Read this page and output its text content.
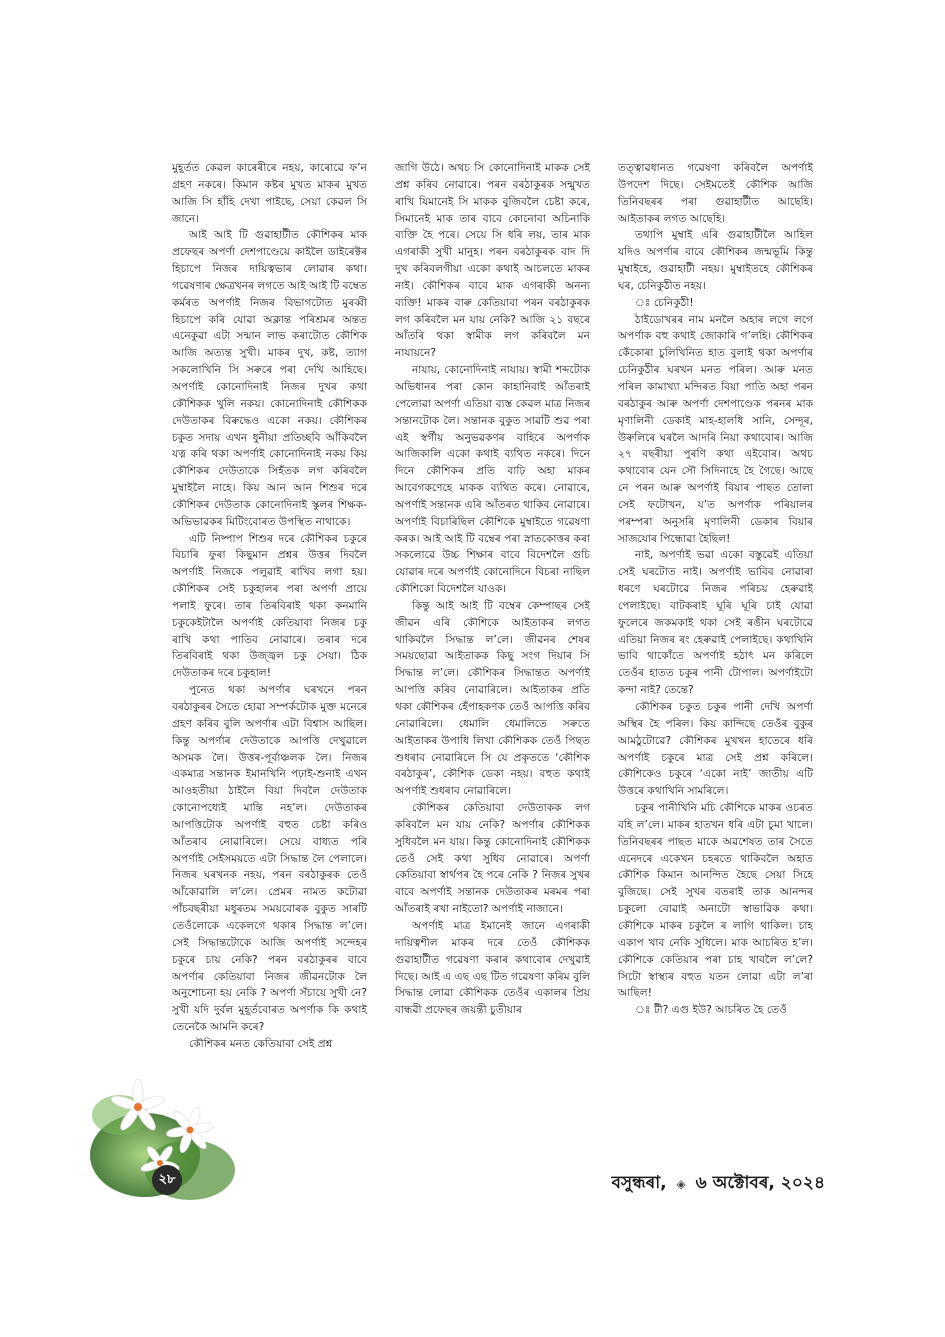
মুহূৰ্তত কেৱল কাৰেৰীৰে নহয়, কাৰোৱে ফ’ন গ্ৰহণ নকৰে। কিমান কষ্টৰ মুখত মাকৰ মুখত আজি সি হাঁহি দেখা পাইছে, সেয়া কেৱল সি জানে।

আই আই টি গুৱাহাটীত কৌশিকৰ মাক প্ৰফেছৰ অপৰ্ণা দেশপাণ্ডেয়ে কাইলৈ ডাইৰেক্টৰ হিচাপে নিজৰ দায়িত্বভাৰ লোৱাৰ কথা। গৱেষণাৰ ক্ষেত্ৰখনৰ লগতে আই আই টি বম্বেত কৰ্মৰত অপৰ্ণাই নিজৰ বিভাগটোত মুৰব্বী হিচাপে কৰি যোৱা অক্লান্ত পৰিশ্ৰমৰ অন্তত এনেকুৱা এটা সন্মান লাভ কৰাটোত কৌশিক আজি অত্যন্ত সুখী। মাকৰ দুখ, কষ্ট, ত্যাগ সকলোখিনি সি সৰুৰে পৰা দেখি আহিছে। অপৰ্ণাই কোনোদিনাই নিজৰ দুখৰ কথা কৌশিকক খুলি নকয়। কোনোদিনাই কৌশিকক দেউতাকৰ বিৰুদ্ধেও একো নকয়। কৌশিকৰ চকুত সদায় এখন ধুনীয়া প্ৰতিচ্ছবি আঁকিবলৈ যত্ন কৰি থকা অপৰ্ণাই কোনোদিনাই নকয় কিয় কৌশিকৰ দেউতাকে সিহঁতক লগ কৰিবলৈ মুম্বাইলৈ নাহে। কিয় আন আন শিশুৰ দৰে কৌশিকৰ দেউতাক কোনোদিনাই স্কুলৰ শিক্ষক-অভিভাৱকৰ মিটিংবোৰত উপস্থিত নাথাকে।

এটি নিষ্পাপ শিশুৰ দৰে কৌশিকৰ চকুৰে বিচাৰি ফুৰা কিছুমান প্ৰশ্নৰ উত্তৰ দিবলৈ অপৰ্ণাই নিজকে পলুৱাই ৰাখিব লগা হয়। কৌশিকৰ সেই চকুহালৰ পৰা অপৰ্ণা প্ৰায়ে পলাই ফুৰে। তাৰ তিৰবিৰাই থকা কনমানি চকুকেইটালৈ অপৰ্ণাই কেতিয়াবা নিজৰ চকু ৰাখি কথা পাতিব নোৱাৰে। তৰাৰ দৰে তিৰবিৰাই থকা উজ্জ্বল চকু সেয়া। ঠিক দেউতাকৰ দৰে চকুহাল!

পুনেত থকা অপৰ্ণাৰ ঘৰখনে পৰন বৰঠাকুৰৰ সৈতে হোৱা সম্পৰ্কটোক মুক্ত মনেৰে গ্ৰহণ কৰিব বুলি অপৰ্ণাৰ এটা বিশ্বাস আছিল। কিন্তু অপৰ্ণাৰ দেউতাকে আপত্তি দেখুৱালে অসমক লৈ। উত্তৰ-পূৰ্বাঞ্চলক লৈ। নিজৰ একমাত্ৰ সন্তানক ইমানখিনি পঢ়াই-শুনাই এখন আওহতীয়া ঠাইলৈ বিয়া দিবলৈ দেউতাক কোনোপধ্যেই মান্তি নহ’ল। দেউতাকৰ আপত্তিটোক অপৰ্ণাই বহুত চেষ্টা কৰিও আঁতৰাব নোৱাৰিলে। সেয়ে বাধ্যত পৰি অপৰ্ণাই সেইসময়তে এটা সিদ্ধান্ত লৈ পেলালে। নিজৰ ঘৰখনক নহয়, পৰন বৰঠাকুৰক তেওঁ আঁকোৱালি ল’লে। প্ৰেমৰ নামত কটোৱা পাঁচবছৰীয়া মধুৰতম সময়বোৰক বুকুত সাৰটি তেওঁলোকে একেলগে থকাৰ সিদ্ধান্ত ল’লে। সেই সিদ্ধান্তটোকে আজি অপৰ্ণাই সন্দেহৰ চকুৰে চায় নেকি? পৰন বৰঠাকুৰৰ বাবে অপৰ্ণাৰ কেতিয়াবা নিজৰ জীৱনটোক লৈ অনুশোচনা হয় নেকি ? অপৰ্ণা সঁচায়ে সুখী নে? সুখী যদি দুৰ্বল মুহূৰ্তবোৰত অপৰ্ণাক কি কথাই তেনেকৈ আমনি কৰে?

কৌশিকৰ মনত কেতিয়াবা সেই প্ৰশ্ন

জাগি উঠে। অথচ সি কোনোদিনাই মাকক সেই প্ৰশ্ন কৰিব নোৱাৰে। পৰন বৰঠাকুৰক সন্মুখত ৰাখি যিমানেই সি মাকক বুজিবলৈ চেষ্টা কৰে, সিমানেই মাক তাৰ বাবে কোনোবা অচিনাকি ব্যক্তি হৈ পৰে। সেয়ে সি ধৰি লয়, তাৰ মাক এগৰাকী সুখী মানুহ। পৰন বৰঠাকুৰক বাদ দি দুখ কৰিবলগীয়া একো কথাই আচলতে মাকৰ নাই। কৌশিকৰ বাবে মাক এগৰাকী অনন্য ব্যক্তি! মাকৰ বাৰু কেতিয়াবা পৰন বৰঠাকুৰক লগ কৰিবলৈ মন যায় নেকি? আজি ২১ বছৰে আঁতৰি থকা স্বামীক লগ কৰিবলৈ মন নাযায়নে?

নাযায়, কোনোদিনাই নাযায়। স্বামী শব্দটোক অভিধানৰ পৰা কোন কাহানিবাই আঁতৰাই পেলোৱা অপৰ্ণা এতিয়া ব্যস্ত কেৱল মাত্ৰ নিজৰ সন্তানটোক লৈ। সন্তানক বুকুত সাৱটি শুৱ পৰা এই স্বৰ্গীয় অনুভৱকণৰ বাহিৰে অপৰ্ণাক আজিকালি একো কথাই ব্যথিত নকৰে। দিনে দিনে কৌশিকৰ প্ৰতি বাঢ়ি অহা মাকৰ আবেগকণেহে মাকক ব্যথিত কৰে। নোৱাৰে, অপৰ্ণাই সন্তানক এৰি আঁতৰত থাকিব নোৱাৰে। অপৰ্ণাই বিচাৰিছিল কৌশিকে মুম্বাইতে গৱেষণা কৰক। আই আই টি বম্বেৰ পৰা স্নাতকোত্তৰ কৰা সকলোৱে উচ্চ শিক্ষাৰ বাবে বিদেশলৈ গুচি যোৱাৰ দৰে অপৰ্ণাই কোনোদিনে বিচৰা নাছিল কৌশিকো বিদেশলৈ যাওক।

কিন্তু আই আই টি বম্বেৰ কেম্পাছৰ সেই জীৱন এৰি কৌশিকে আইতাকৰ লগত থাকিবলৈ সিদ্ধান্ত ল’লে। জীৱনৰ শেষৰ সময়ছোৱা আইতাকক কিছু সংগ দিয়াৰ সি সিদ্ধান্ত ল’লে। কৌশিকৰ সিদ্ধান্তত অপৰ্ণাই আপত্তি কৰিব নোৱাৰিলে। আইতাকৰ প্ৰতি থকা কৌশিকৰ হেঁপাহকণক তেওঁ আপত্তি কৰিব নোৱাৰিলে। ধেমালি ধেমালিতে সৰুতে আইতাকৰ উপাধি লিখা কৌশিকক তেওঁ পিছত শুধৰাব নোৱাৰিলে সি যে প্ৰকৃততে ‘কৌশিক বৰঠাকুৰ’, কৌশিক ডেকা নহয়। বহুত কথাই অপৰ্ণাই শুধৰাব নোৱাৰিলে।

কৌশিকৰ কেতিয়াবা দেউতাকক লগ কৰিবলৈ মন যায় নেকি? অপৰ্ণাৰ কৌশিকক সুধিবলৈ মন যায়। কিন্তু কোনোদিনাই কৌশিকক তেওঁ সেই কথা সুধিব নোৱাৰে। অপৰ্ণা কেতিয়াবা স্বাৰ্থপৰ হৈ পৰে নেকি ? নিজৰ সুখৰ বাবে অপৰ্ণাই সন্তানক দেউতাকৰ মৰমৰ পৰা আঁতৰাই ৰখা নাইতো? অপৰ্ণাই নাজানে।

অপৰ্ণাই মাত্ৰ ইমানেই জানে এগৰাকী দায়িত্বশীল মাকৰ দৰে তেওঁ কৌশিকক গুৱাহাটীত গৱেষণা কৰাৰ কথাবোৰ দেখুৱাই দিছে। আই এ এছ এছ টিত গৱেষণা কৰিম বুলি সিদ্ধান্ত লোৱা কৌশিকক তেওঁৰ একালৰ প্ৰিয় বান্ধৱী প্ৰফেছৰ জয়ন্তী চুতীয়াৰ

তত্ত্বাৱধানত গৱেষণা কৰিবলৈ অপৰ্ণাই উপদেশ দিছে। সেইমতেই কৌশিক আজি তিনিবছৰৰ পৰা গুৱাহাটীত আছেহি। আইতাকৰ লগত আছেহি।

তথাপি মুম্বাই এৰি গুৱাহাটীলৈ আহিল যদিও অপৰ্ণাৰ বাবে কৌশিকৰ জন্মভূমি কিন্তু মুম্বাইহে, গুৱাহাটী নহয়। মুম্বাইতহে কৌশিকৰ ঘৰ, চেনিকুঠীত নহয়।

ঃ চেনিকুঠী!

ঠাইডোখৰৰ নাম মনলৈ অহাৰ লগে লগে অপৰ্ণাক বহু কথাই জোকাৰি গ’লহি। কৌশিকৰ কেঁকোৰা চুলিখিনিত হাত বুলাই থকা অপৰ্ণাৰ চেনিকুঠীৰ ঘৰখন মনত পৰিল। আৰু মনত পৰিল কামাখ্যা মন্দিৰত বিয়া পাতি অহা পৰন বৰঠাকুৰ আৰু অপৰ্ণা দেশপাণ্ডেক পৰনৰ মাক মৃণালিনী ডেকাই মাহ-হালধি সানি, সেন্দূৰ, উৰুলিৰে ঘৰলৈ আদৰি নিয়া কথাবোৰ। আজি ২৭ বছৰীয়া পুৰণি কথা এইবোৰ। অথচ কথাবোৰ যেন সৌ সিদিনাহে হৈ গৈছে। আছে নে পৰন আৰু অপৰ্ণাই বিয়াৰ পাছত তোলা সেই ফটোখন, য’ত অপৰ্ণাক পৰিয়ালৰ পৰম্পৰা অনুসৰি মৃণালিনী ডেকাৰ বিয়াৰ সাজযোৰ পিন্ধোৱা হৈছিল!

নাই, অপৰ্ণাই ভৱা একো বস্তুৱেই এতিয়া সেই ঘৰটোত নাই। অপৰ্ণাই ভাবিব নোৱাৰা ধৰণে ঘৰটোৱে নিজৰ পৰিচয় হেৰুৱাই পেলাইছে। বাটকৰাই ঘূৰি ঘূৰি চাই যোৱা ফুলেৰে জকমকাই থকা সেই ৰঙীন ঘৰটোৱে এতিয়া নিজৰ ৰং হেৰুৱাই পেলাইছে। কথাখিনি ভাবি থাকোঁতে অপৰ্ণাই হঠাৎ মন কৰিলে তেওঁৰ হাতত চকুৰ পানী টোপাল। অপৰ্ণাইটো কন্দা নাই? তেন্তে?

কৌশিকৰ চকুত চকুৰ পানী দেখি অপৰ্ণা অস্থিৰ হৈ পৰিল। কিয় কান্দিছে তেওঁৰ বুকুৰ আমঠুটোৱে? কৌশিকৰ মুখখন হাতেৰে ধৰি অপৰ্ণাই চকুৰে মাত্ৰ সেই প্ৰশ্ন কৰিলে। কৌশিকেও চকুৰে ‘একো নাই’ জাতীয় এটি উত্তৰে কথাখিনি সামৰিলে।

চকুৰ পানীখিনি মচি কৌশিকে মাকৰ ওচৰত বহি ল’লে। মাকৰ হাতখন ধৰি এটা চুমা খালে। তিনিবছৰৰ পাছত মাকে অৱশেষত তাৰ সৈতে এনেদৰে একেখন চহৰতে থাকিবলৈ অহাত কৌশিক কিমান আনন্দিত হৈছে সেয়া সিহে বুজিছে। সেই সুখৰ বতৰাই তাক আনন্দৰ চকুলো বোৱাই অনাটো স্বাভাৱিক কথা। কৌশিকে মাকৰ চকুলৈ ৰ লাগি থাকিল। চাহ একাপ খাব নেকি সুধিলে। মাক আচৰিত হ’ল। কৌশিকে কেতিয়াৰ পৰা চাহ খাবলৈ ল’লে? সিটো স্বাস্থ্যৰ বহুত যতন লোৱা এটা ল’ৰা আছিল!

ঃ টী? এগু ইউ? আচৰিত হৈ তেওঁ

২৮	বসুন্ধৰা, ◈ ৬ অক্টোবৰ, ২০২৪
